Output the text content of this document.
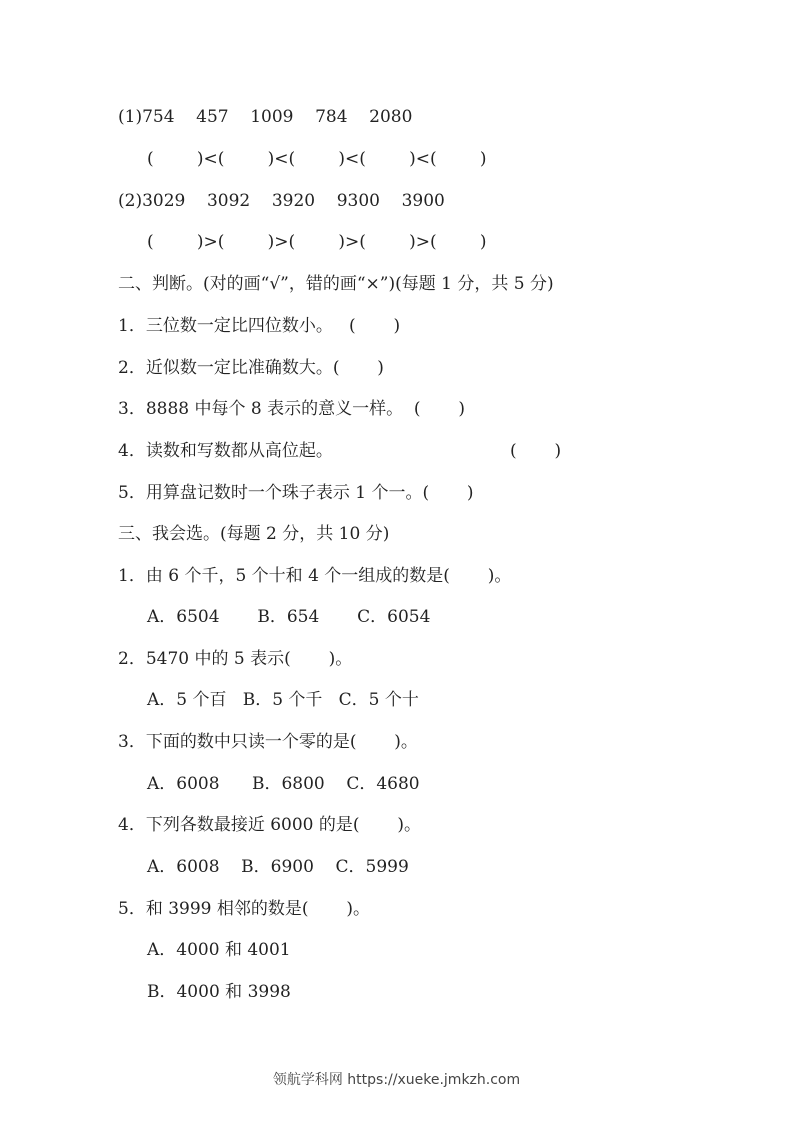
(1)754    457    1009    784    2080
(        )<(        )<(        )<(        )<(        )
(2)3029    3092    3920    9300    3900
(        )>(        )>(        )>(        )>(        )
二、判断。(对的画“√”，错的画“×”)(每题 1 分，共 5 分)
1．三位数一定比四位数小。   (       )
2．近似数一定比准确数大。(       )
3．8888 中每个 8 表示的意义一样。  (       )
4．读数和写数都从高位起。	(       )
5．用算盘记数时一个珠子表示 1 个一。(       )
三、我会选。(每题 2 分，共 10 分)
1．由 6 个千，5 个十和 4 个一组成的数是(       )。
A．6504       B．654       C．6054
2．5470 中的 5 表示(       )。
A．5 个百   B．5 个千   C．5 个十
3．下面的数中只读一个零的是(       )。
A．6008      B．6800    C．4680
4．下列各数最接近 6000 的是(       )。
A．6008    B．6900    C．5999
5．和 3999 相邻的数是(       )。
A．4000 和 4001
B．4000 和 3998
领航学科网 https://xueke.jmkzh.com
